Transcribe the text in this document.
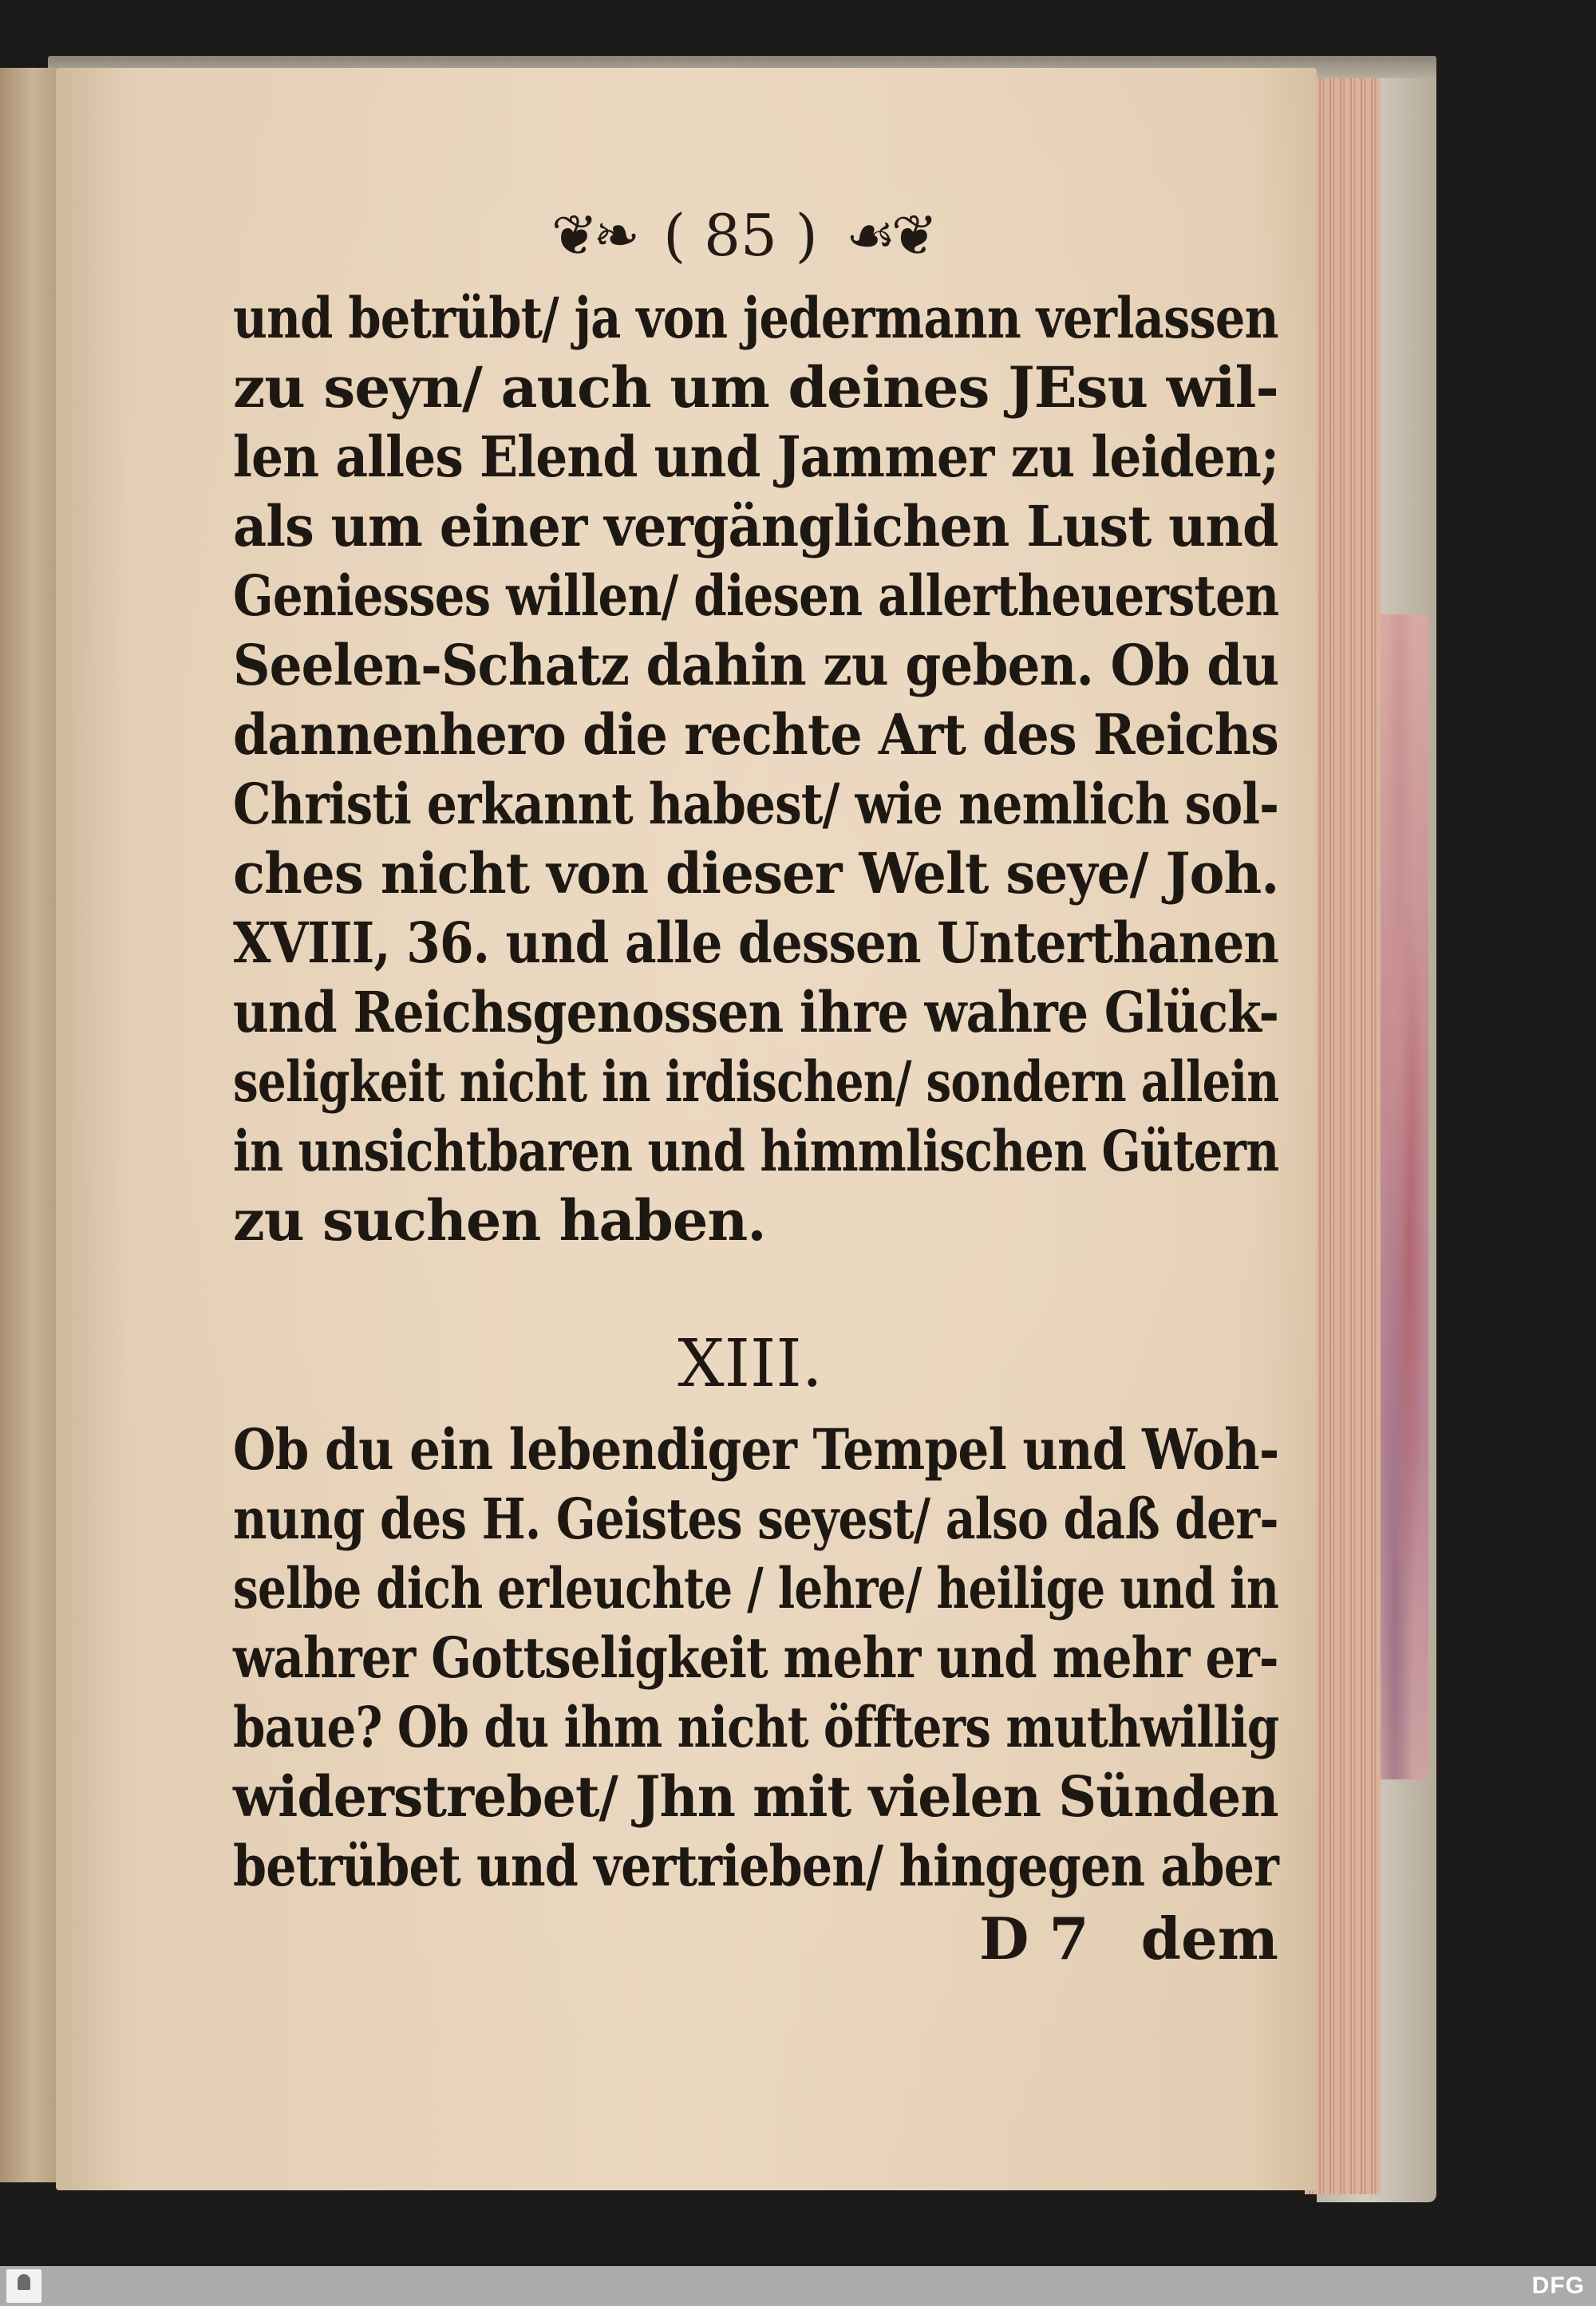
❦❧ ( 85 ) ☙❦
und betrübt/ ja von jedermann verlassen
zu seyn/ auch um deines JEsu wil-
len alles Elend und Jammer zu leiden;
als um einer vergänglichen Lust und
Geniesses willen/ diesen allertheuersten
Seelen-Schatz dahin zu geben. Ob du
dannenhero die rechte Art des Reichs
Christi erkannt habest/ wie nemlich sol-
ches nicht von dieser Welt seye/ Joh.
XVIII, 36. und alle dessen Unterthanen
und Reichsgenossen ihre wahre Glück-
seligkeit nicht in irdischen/ sondern allein
in unsichtbaren und himmlischen Gütern
zu suchen haben.
XIII.
Ob du ein lebendiger Tempel und Woh-
nung des H. Geistes seyest/ also daß der-
selbe dich erleuchte / lehre/ heilige und in
wahrer Gottseligkeit mehr und mehr er-
baue? Ob du ihm nicht öffters muthwillig
widerstrebet/ Jhn mit vielen Sünden
betrübet und vertrieben/ hingegen aber
D 7 dem
DFG
